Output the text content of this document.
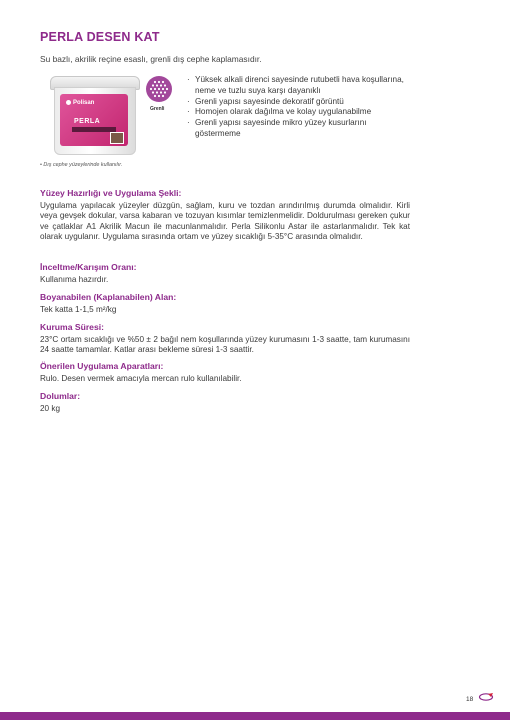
PERLA DESEN KAT
Su bazlı, akrilik reçine esaslı, grenli dış cephe kaplamasıdır.
Polisan
PERLA
• Dış cephe yüzeylerinde kullanılır.
Grenli
· Yüksek alkali direnci sayesinde rutubetli hava koşullarına, neme ve tuzlu suya karşı dayanıklı
· Grenli yapısı sayesinde dekoratif görüntü
· Homojen olarak dağılma ve kolay uygulanabilme
· Grenli yapısı sayesinde mikro yüzey kusurlarını göstermeme

Yüzey Hazırlığı ve Uygulama Şekli:

Uygulama yapılacak yüzeyler düzgün, sağlam, kuru ve tozdan arındırılmış durumda olmalıdır. Kirli veya gevşek dokular, varsa kabaran ve tozuyan kısımlar temizlenmelidir. Doldurulması gereken çukur ve çatlaklar A1 Akrilik Macun ile macunlanmalıdır. Perla Silikonlu Astar ile astarlanmalıdır. Tek kat olarak uygulanır. Uygulama sırasında ortam ve yüzey sıcaklığı 5-35°C arasında olmalıdır.

İnceltme/Karışım Oranı:

Kullanıma hazırdır.

Boyanabilen (Kaplanabilen) Alan:

Tek katta 1-1,5 m²/kg

Kuruma Süresi:

23°C ortam sıcaklığı ve %50 ± 2 bağıl nem koşullarında yüzey kurumasını 1-3 saatte, tam kurumasını 24 saatte tamamlar. Katlar arası bekleme süresi 1-3 saattir.

Önerilen Uygulama Aparatları:

Rulo. Desen vermek amacıyla mercan rulo kullanılabilir.

Dolumlar:

20 kg

18
